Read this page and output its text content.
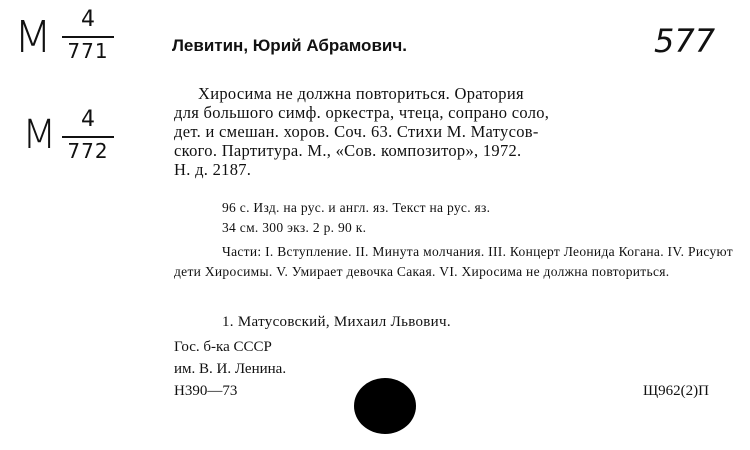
M	4
771
M	4
772
577
Левитин, Юрий Абрамович.
Хиросима не должна повториться. Оратория
для большого симф. оркестра, чтеца, сопрано соло,
дет. и смешан. хоров. Соч. 63. Стихи М. Матусов-
ского. Партитура. М., «Сов. композитор», 1972.
Н. д. 2187.
96 с. Изд. на рус. и англ. яз. Текст на рус. яз.
34 см. 300 экз. 2 р. 90 к.
Части: I. Вступление. II. Минута молчания. III. Концерт Леонида Когана. IV. Рисуют дети Хиросимы. V. Умирает девочка Сакая. VI. Хиросима не должна повториться.
1. Матусовский, Михаил Львович.
Гос. б-ка СССР
им. В. И. Ленина.
Н390—73	Щ962(2)П
